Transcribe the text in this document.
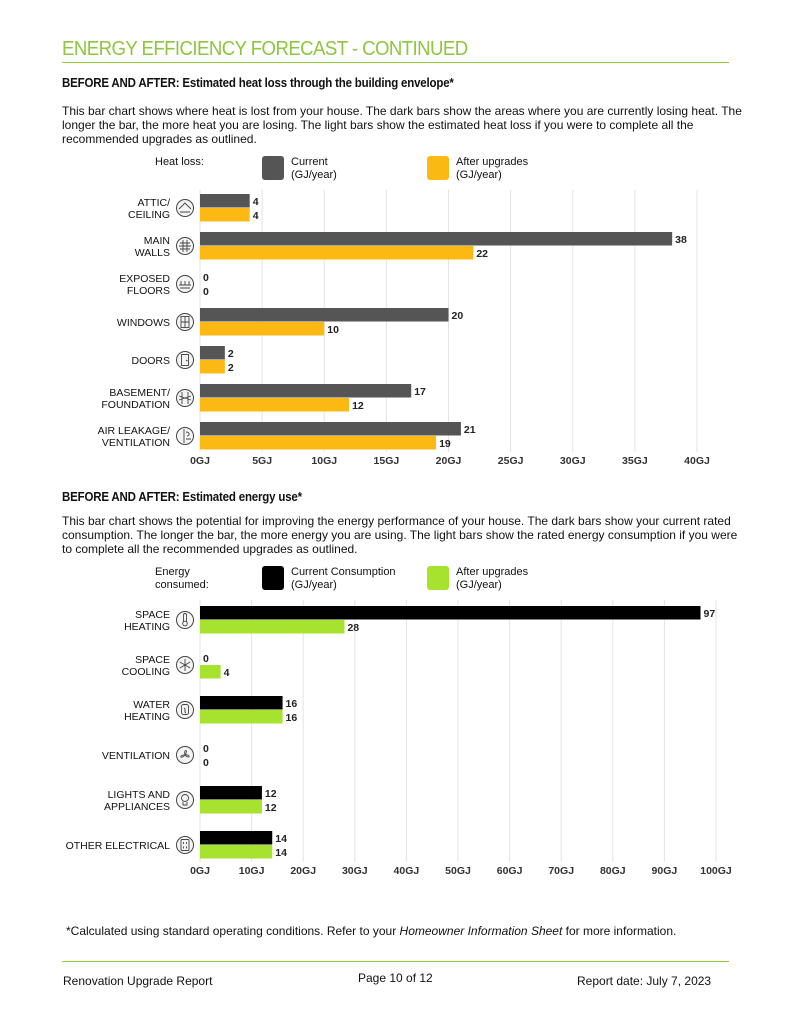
ENERGY EFFICIENCY FORECAST - CONTINUED
BEFORE AND AFTER: Estimated heat loss through the building envelope*
This bar chart shows where heat is lost from your house. The dark bars show the areas where you are currently losing heat. The longer the bar, the more heat you are losing. The light bars show the estimated heat loss if you were to complete all the recommended upgrades as outlined.
Heat loss:	Current
(GJ/year)
After upgrades
(GJ/year)
0GJ	5GJ	10GJ	15GJ	20GJ	25GJ	30GJ	35GJ	40GJ
ATTIC/ CEILING
4
4
MAIN WALLS
38
22
EXPOSED FLOORS
0
0
WINDOWS
20
10
DOORS
2
2
BASEMENT/ FOUNDATION
17
12
AIR LEAKAGE/ VENTILATION
21
19
BEFORE AND AFTER: Estimated energy use*
This bar chart shows the potential for improving the energy performance of your house. The dark bars show your current rated consumption. The longer the bar, the more energy you are using. The light bars show the rated energy consumption if you were to complete all the recommended upgrades as outlined.
Energy
consumed:
Current Consumption
(GJ/year)
After upgrades
(GJ/year)
0GJ	10GJ 20GJ 30GJ 40GJ 50GJ 60GJ 70GJ 80GJ 90GJ 100GJ
SPACE HEATING
97
28
SPACE COOLING
0
4
WATER HEATING
16
16
VENTILATION
0
0
LIGHTS AND APPLIANCES
12
12
OTHER ELECTRICAL
14
14
*Calculated using standard operating conditions. Refer to your Homeowner Information Sheet for more information.
Renovation Upgrade Report	Page 10 of 12	Report date: July 7, 2023
